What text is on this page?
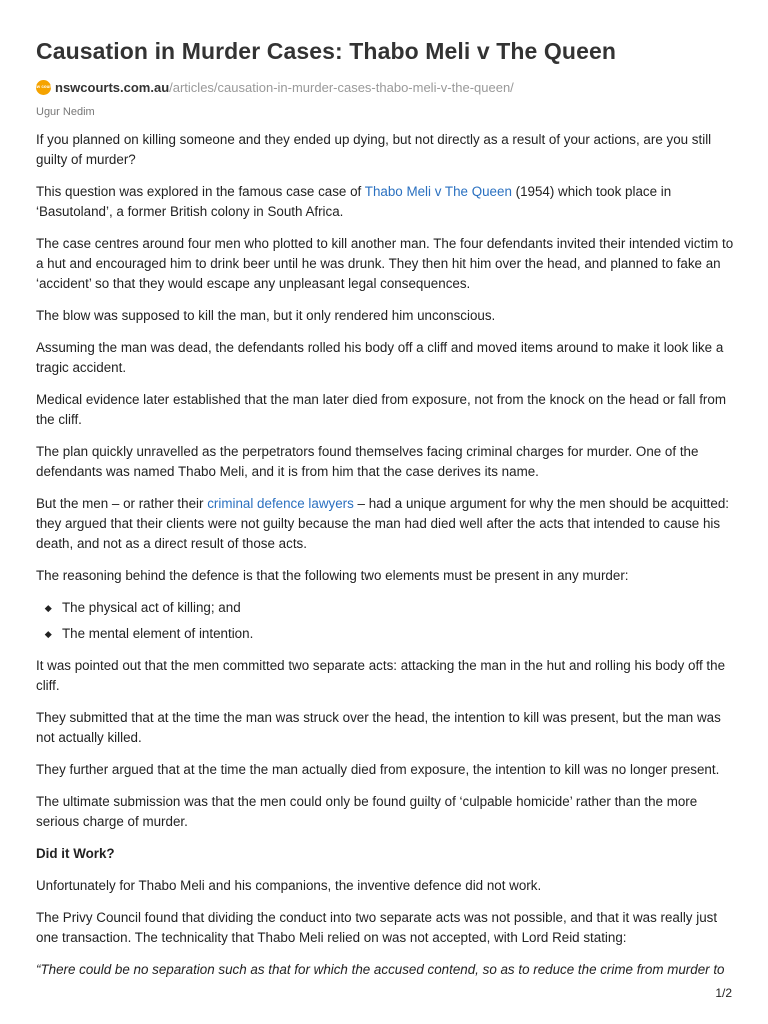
Causation in Murder Cases: Thabo Meli v The Queen
nsw courts nswcourts.com.au /articles/causation-in-murder-cases-thabo-meli-v-the-queen/
Ugur Nedim

If you planned on killing someone and they ended up dying, but not directly as a result of your actions, are you still guilty of murder?

This question was explored in the famous case case of Thabo Meli v The Queen (1954) which took place in ‘Basutoland’, a former British colony in South Africa.

The case centres around four men who plotted to kill another man. The four defendants invited their intended victim to a hut and encouraged him to drink beer until he was drunk. They then hit him over the head, and planned to fake an ‘accident’ so that they would escape any unpleasant legal consequences.

The blow was supposed to kill the man, but it only rendered him unconscious.

Assuming the man was dead, the defendants rolled his body off a cliff and moved items around to make it look like a tragic accident.

Medical evidence later established that the man later died from exposure, not from the knock on the head or fall from the cliff.

The plan quickly unravelled as the perpetrators found themselves facing criminal charges for murder. One of the defendants was named Thabo Meli, and it is from him that the case derives its name.

But the men – or rather their criminal defence lawyers – had a unique argument for why the men should be acquitted: they argued that their clients were not guilty because the man had died well after the acts that intended to cause his death, and not as a direct result of those acts.

The reasoning behind the defence is that the following two elements must be present in any murder:

The physical act of killing; and
The mental element of intention.

It was pointed out that the men committed two separate acts: attacking the man in the hut and rolling his body off the cliff.

They submitted that at the time the man was struck over the head, the intention to kill was present, but the man was not actually killed.

They further argued that at the time the man actually died from exposure, the intention to kill was no longer present.

The ultimate submission was that the men could only be found guilty of ‘culpable homicide’ rather than the more serious charge of murder.

Did it Work?

Unfortunately for Thabo Meli and his companions, the inventive defence did not work.

The Privy Council found that dividing the conduct into two separate acts was not possible, and that it was really just one transaction. The technicality that Thabo Meli relied on was not accepted, with Lord Reid stating:

“There could be no separation such as that for which the accused contend, so as to reduce the crime from murder to

1/2
